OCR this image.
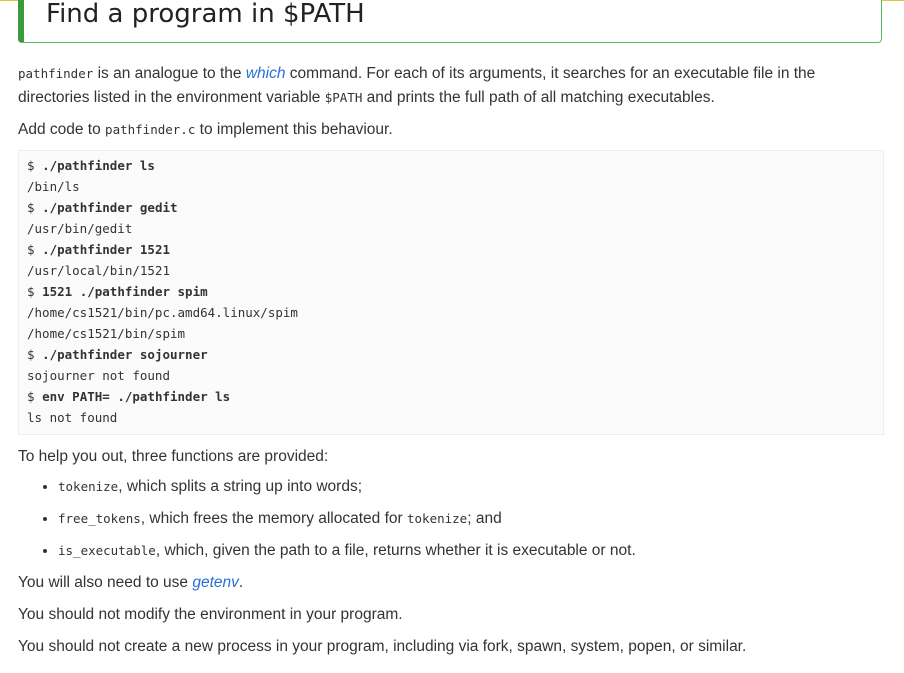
Find a program in $PATH

pathfinder is an analogue to the which command. For each of its arguments, it searches for an executable file in the directories listed in the environment variable $PATH and prints the full path of all matching executables.

Add code to pathfinder.c to implement this behaviour.

$ ./pathfinder ls
/bin/ls
$ ./pathfinder gedit
/usr/bin/gedit
$ ./pathfinder 1521
/usr/local/bin/1521
$ 1521 ./pathfinder spim
/home/cs1521/bin/pc.amd64.linux/spim
/home/cs1521/bin/spim
$ ./pathfinder sojourner
sojourner not found
$ env PATH= ./pathfinder ls
ls not found

To help you out, three functions are provided:

• tokenize, which splits a string up into words;
• free_tokens, which frees the memory allocated for tokenize; and
• is_executable, which, given the path to a file, returns whether it is executable or not.

You will also need to use getenv.

You should not modify the environment in your program.

You should not create a new process in your program, including via fork, spawn, system, popen, or similar.
